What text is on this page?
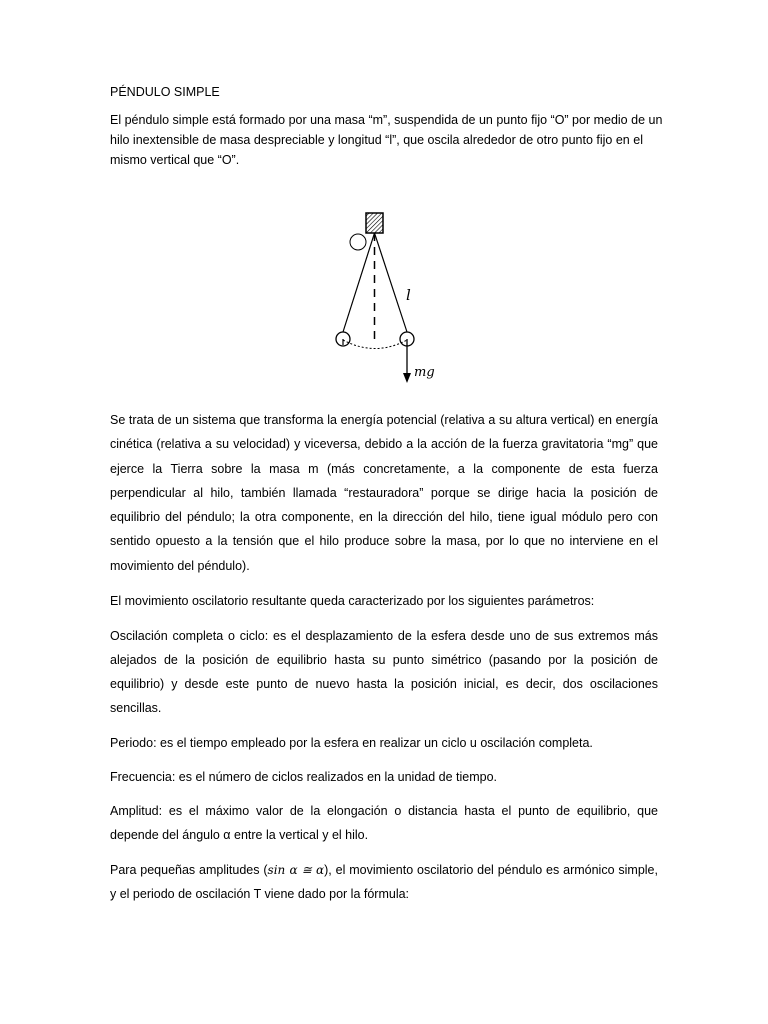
PÉNDULO SIMPLE
El péndulo simple está formado por una masa “m”, suspendida de un punto fijo “O” por medio de un hilo inextensible de masa despreciable y longitud “l”, que oscila alrededor de otro punto fijo en el mismo vertical que “O”.
l
mg
Se trata de un sistema que transforma la energía potencial (relativa a su altura vertical) en energía cinética (relativa a su velocidad) y viceversa, debido a la acción de la fuerza gravitatoria “mg” que ejerce la Tierra sobre la masa m (más concretamente, a la componente de esta fuerza perpendicular al hilo, también llamada “restauradora” porque se dirige hacia la posición de equilibrio del péndulo; la otra componente, en la dirección del hilo, tiene igual módulo pero con sentido opuesto a la tensión que el hilo produce sobre la masa, por lo que no interviene en el movimiento del péndulo).
El movimiento oscilatorio resultante queda caracterizado por los siguientes parámetros:
Oscilación completa o ciclo: es el desplazamiento de la esfera desde uno de sus extremos más alejados de la posición de equilibrio hasta su punto simétrico (pasando por la posición de equilibrio) y desde este punto de nuevo hasta la posición inicial, es decir, dos oscilaciones sencillas.
Periodo: es el tiempo empleado por la esfera en realizar un ciclo u oscilación completa.
Frecuencia: es el número de ciclos realizados en la unidad de tiempo.
Amplitud: es el máximo valor de la elongación o distancia hasta el punto de equilibrio, que depende del ángulo α entre la vertical y el hilo.
Para pequeñas amplitudes (sin α ≅ α), el movimiento oscilatorio del péndulo es armónico simple, y el periodo de oscilación T viene dado por la fórmula:
